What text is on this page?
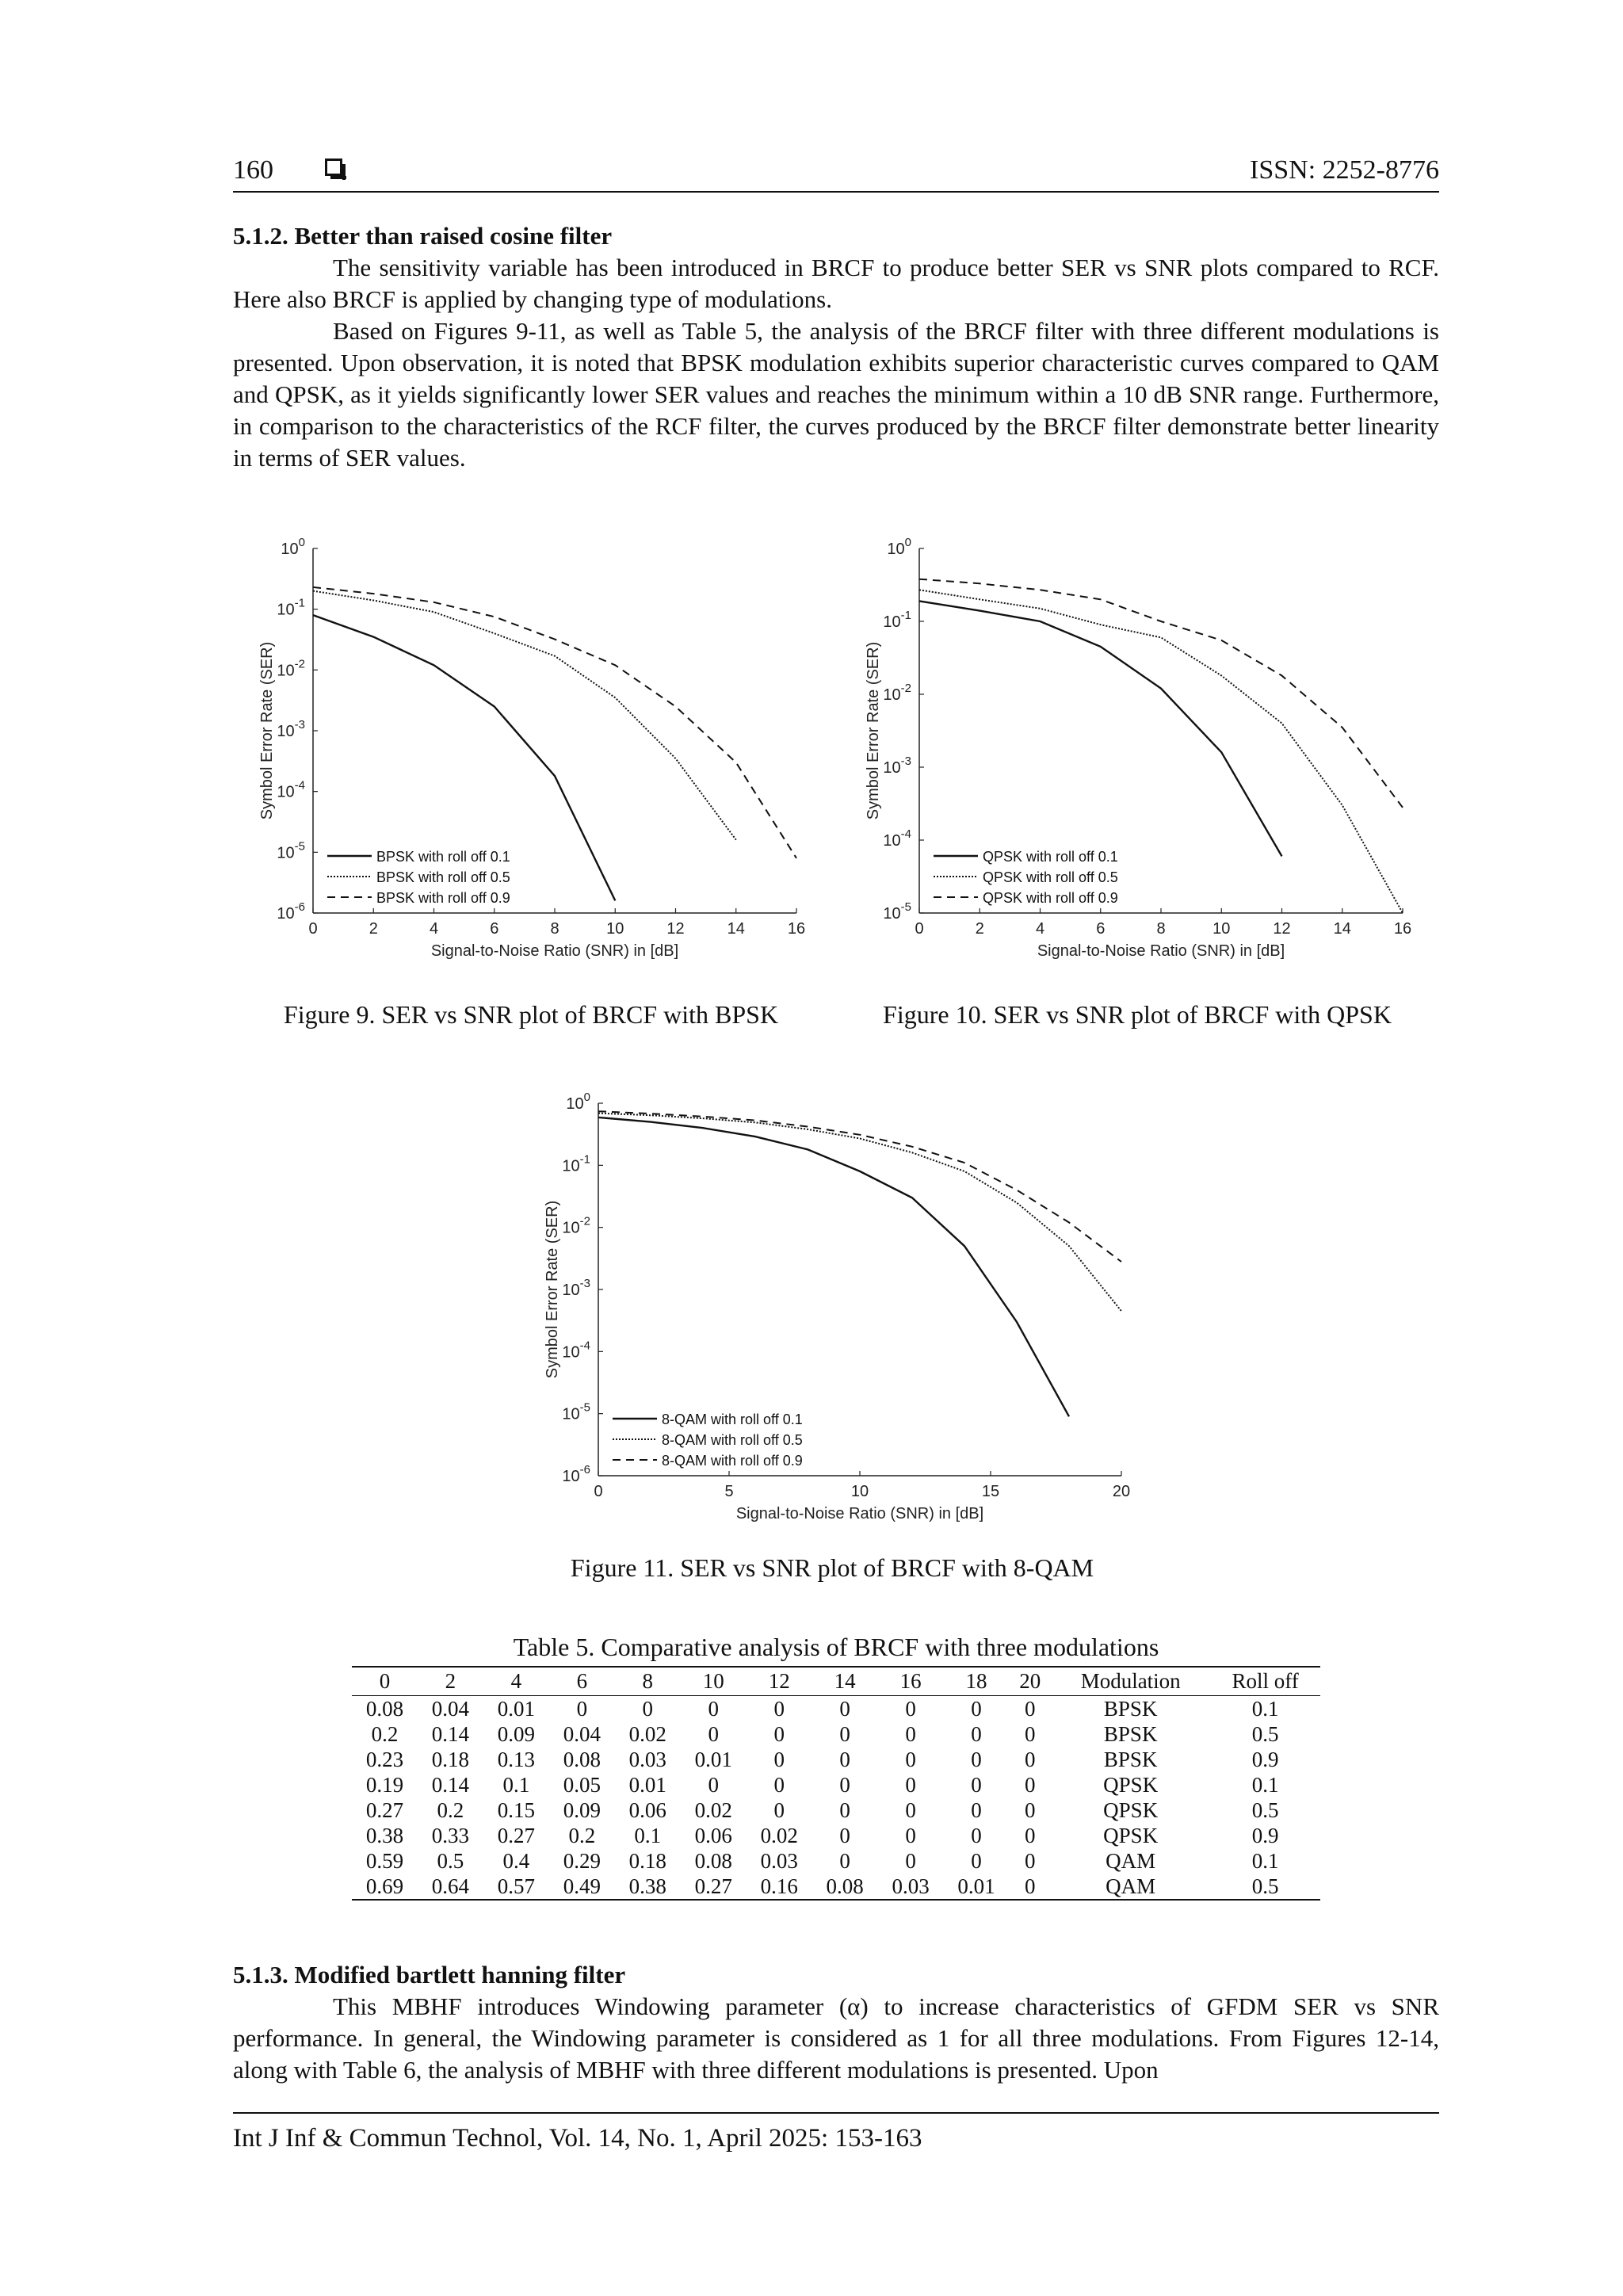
160	ISSN: 2252-8776
5.1.2. Better than raised cosine filter

The sensitivity variable has been introduced in BRCF to produce better SER vs SNR plots compared to RCF. Here also BRCF is applied by changing type of modulations.

Based on Figures 9-11, as well as Table 5, the analysis of the BRCF filter with three different modulations is presented. Upon observation, it is noted that BPSK modulation exhibits superior characteristic curves compared to QAM and QPSK, as it yields significantly lower SER values and reaches the minimum within a 10 dB SNR range. Furthermore, in comparison to the characteristics of the RCF filter, the curves produced by the BRCF filter demonstrate better linearity in terms of SER values.

0	2	4	6	8	10	12	14	16
$10^0$
$10^{-1}$
$10^{-2}$
$10^{-3}$
$10^{-4}$
$10^{-5}$
$10^{-6}$
Signal-to-Noise Ratio (SNR) in [dB]
Symbol Error Rate (SER)
BPSK with roll off 0.1
BPSK with roll off 0.5
BPSK with roll off 0.9
Figure 9. SER vs SNR plot of BRCF with BPSK
0	2	4	6	8	10	12	14	16
$10^0$
$10^{-1}$
$10^{-2}$
$10^{-3}$
$10^{-4}$
$10^{-5}$
Signal-to-Noise Ratio (SNR) in [dB]
Symbol Error Rate (SER)
QPSK with roll off 0.1
QPSK with roll off 0.5
QPSK with roll off 0.9
Figure 10. SER vs SNR plot of BRCF with QPSK
0	5	10	15	20
$10^0$
$10^{-1}$
$10^{-2}$
$10^{-3}$
$10^{-4}$
$10^{-5}$
$10^{-6}$
Signal-to-Noise Ratio (SNR) in [dB]
Symbol Error Rate (SER)
8-QAM with roll off 0.1
8-QAM with roll off 0.5
8-QAM with roll off 0.9
Figure 11. SER vs SNR plot of BRCF with 8-QAM
Table 5. Comparative analysis of BRCF with three modulations
0	2	4	6	8	10	12	14	16	18	20	Modulation	Roll off
0.08	0.04	0.01	0	0	0	0	0	0	0	0	BPSK	0.1
0.2	0.14	0.09	0.04	0.02	0	0	0	0	0	0	BPSK	0.5
0.23	0.18	0.13	0.08	0.03	0.01	0	0	0	0	0	BPSK	0.9
0.19	0.14	0.1	0.05	0.01	0	0	0	0	0	0	QPSK	0.1
0.27	0.2	0.15	0.09	0.06	0.02	0	0	0	0	0	QPSK	0.5
0.38	0.33	0.27	0.2	0.1	0.06	0.02	0	0	0	0	QPSK	0.9
0.59	0.5	0.4	0.29	0.18	0.08	0.03	0	0	0	0	QAM	0.1
0.69	0.64	0.57	0.49	0.38	0.27	0.16	0.08	0.03	0.01	0	QAM	0.5
5.1.3. Modified bartlett hanning filter

This MBHF introduces Windowing parameter (α) to increase characteristics of GFDM SER vs SNR performance. In general, the Windowing parameter is considered as 1 for all three modulations. From Figures 12-14, along with Table 6, the analysis of MBHF with three different modulations is presented. Upon

Int J Inf & Commun Technol, Vol. 14, No. 1, April 2025: 153-163
